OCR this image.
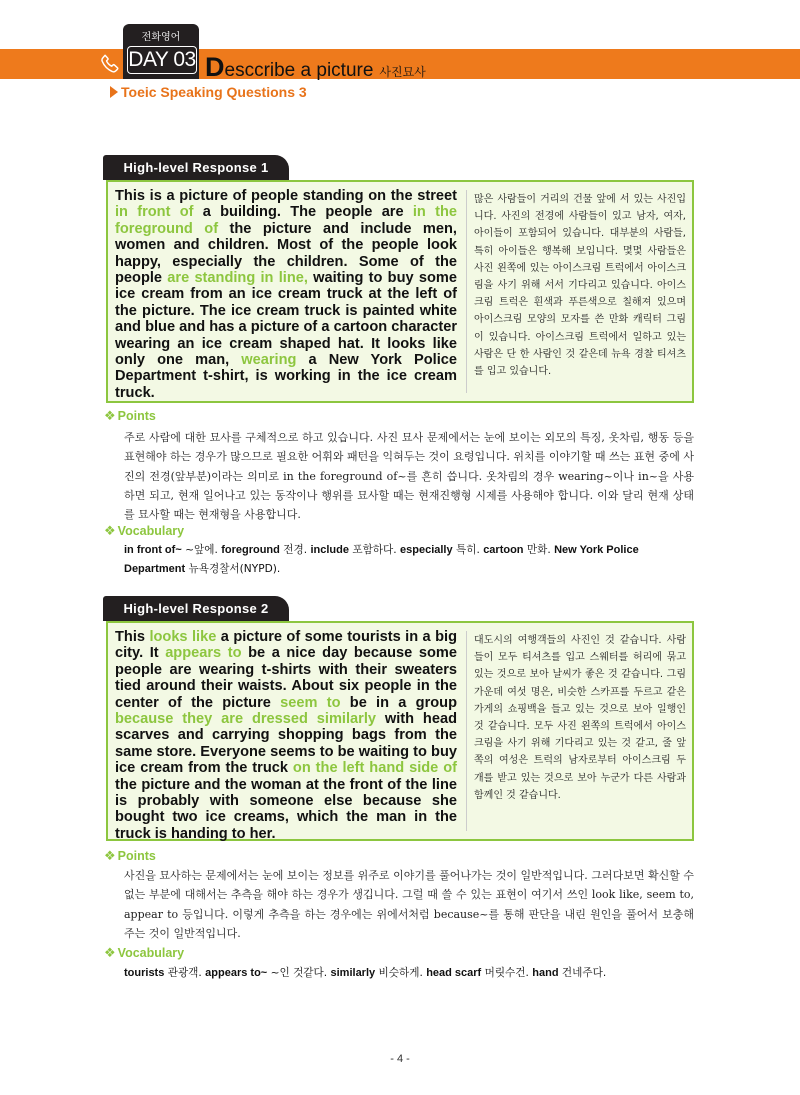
전화영어
DAY 03 Desccribe a picture 사진묘사
Toeic Speaking Questions 3
High-level Response 1
This is a picture of people standing on the street in front of a building. The people are in the foreground of the picture and include men, women and children. Most of the people look happy, especially the children. Some of the people are standing in line, waiting to buy some ice cream from an ice cream truck at the left of the picture. The ice cream truck is painted white and blue and has a picture of a cartoon character wearing an ice cream shaped hat. It looks like only one man, wearing a New York Police Department t-shirt, is working in the ice cream truck.
많은 사람들이 거리의 건물 앞에 서 있는 사진입니다. 사진의 전경에 사람들이 있고 남자, 여자, 아이들이 포함되어 있습니다. 대부분의 사람들, 특히 아이들은 행복해 보입니다. 몇몇 사람들은 사진 왼쪽에 있는 아이스크림 트럭에서 아이스크림을 사기 위해 서서 기다리고 있습니다. 아이스크림 트럭은 흰색과 푸른색으로 칠해져 있으며 아이스크림 모양의 모자를 쓴 만화 캐릭터 그림이 있습니다. 아이스크림 트럭에서 일하고 있는 사람은 단 한 사람인 것 같은데 뉴욕 경찰 티셔츠를 입고 있습니다.
❖ Points
주로 사람에 대한 묘사를 구체적으로 하고 있습니다. 사진 묘사 문제에서는 눈에 보이는 외모의 특징, 옷차림, 행동 등을 표현해야 하는 경우가 많으므로 필요한 어휘와 패턴을 익혀두는 것이 요령입니다. 위치를 이야기할 때 쓰는 표현 중에 사진의 전경(앞부분)이라는 의미로 in the foreground of~를 흔히 씁니다. 옷차림의 경우 wearing~이나 in~을 사용하면 되고, 현재 일어나고 있는 동작이나 행위를 묘사할 때는 현재진행형 시제를 사용해야 합니다. 이와 달리 현재 상태를 묘사할 때는 현재형을 사용합니다.
❖ Vocabulary
in front of~ ~앞에. foreground 전경. include 포함하다. especially 특히. cartoon 만화. New York Police Department 뉴욕경찰서(NYPD).
High-level Response 2
This looks like a picture of some tourists in a big city. It appears to be a nice day because some people are wearing t-shirts with their sweaters tied around their waists. About six people in the center of the picture seem to be in a group because they are dressed similarly with head scarves and carrying shopping bags from the same store. Everyone seems to be waiting to buy ice cream from the truck on the left hand side of the picture and the woman at the front of the line is probably with someone else because she bought two ice creams, which the man in the truck is handing to her.
대도시의 여행객들의 사진인 것 같습니다. 사람들이 모두 티셔츠를 입고 스웨터를 허리에 묶고 있는 것으로 보아 날씨가 좋은 것 같습니다. 그림 가운데 여섯 명은, 비슷한 스카프를 두르고 같은 가게의 쇼핑백을 들고 있는 것으로 보아 일행인 것 같습니다. 모두 사진 왼쪽의 트럭에서 아이스크림을 사기 위해 기다리고 있는 것 같고, 줄 앞쪽의 여성은 트럭의 남자로부터 아이스크림 두 개를 받고 있는 것으로 보아 누군가 다른 사람과 함께인 것 같습니다.
❖ Points
사진을 묘사하는 문제에서는 눈에 보이는 정보를 위주로 이야기를 풀어나가는 것이 일반적입니다. 그러다보면 확신할 수 없는 부분에 대해서는 추측을 해야 하는 경우가 생깁니다. 그럴 때 쓸 수 있는 표현이 여기서 쓰인 look like, seem to, appear to 등입니다. 이렇게 추측을 하는 경우에는 위에서처럼 because~를 통해 판단을 내린 원인을 풀어서 보충해주는 것이 일반적입니다.
❖ Vocabulary
tourists 관광객. appears to~ ~인 것같다. similarly 비슷하게. head scarf 머릿수건. hand 건네주다.
- 4 -
